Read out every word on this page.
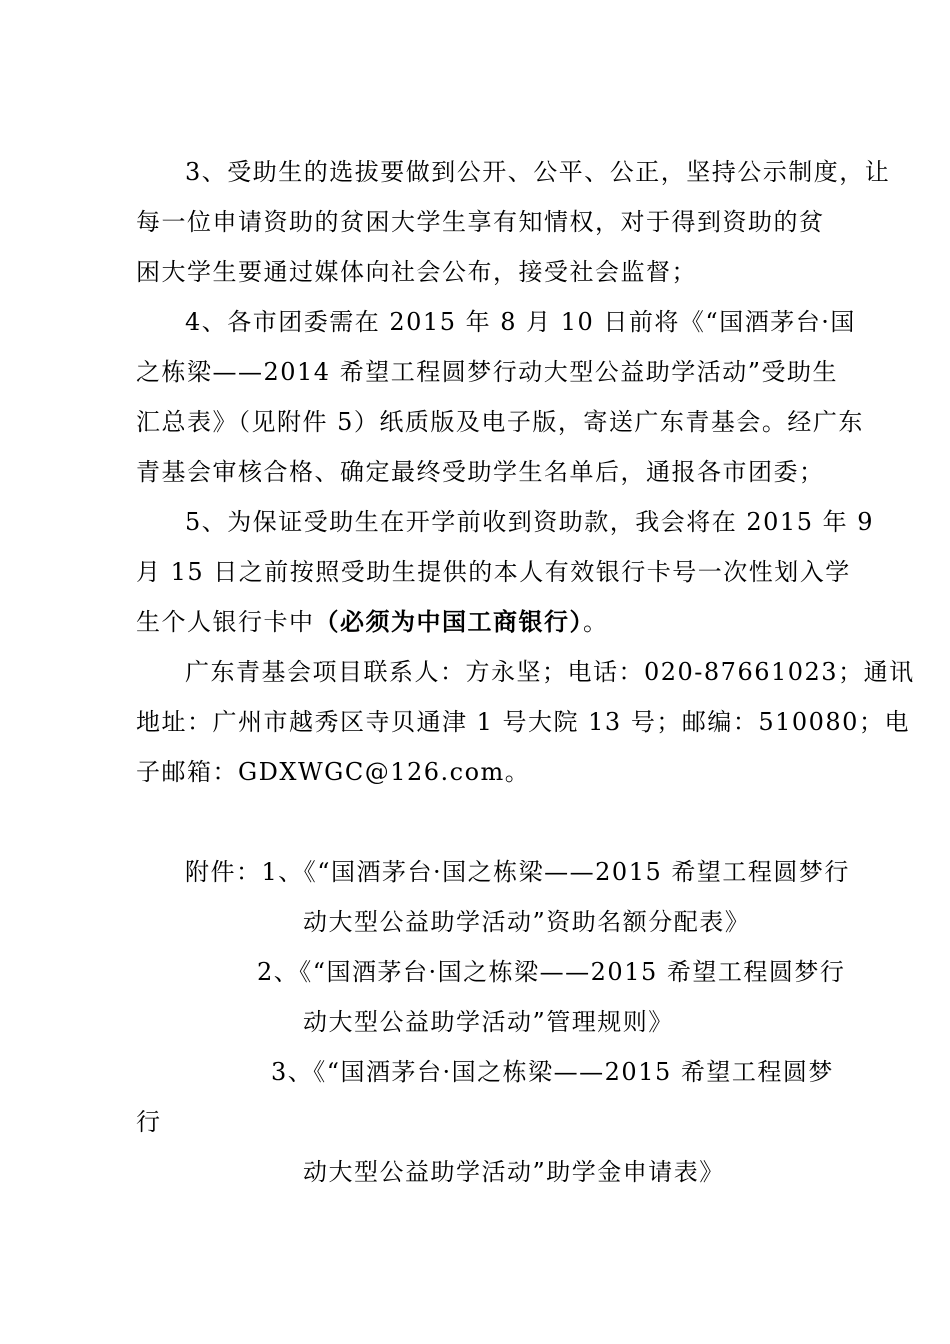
3、受助生的选拔要做到公开、公平、公正，坚持公示制度，让
每一位申请资助的贫困大学生享有知情权，对于得到资助的贫
困大学生要通过媒体向社会公布，接受社会监督；
4、各市团委需在 2015 年 8 月 10 日前将《“国酒茅台·国
之栋梁——2014 希望工程圆梦行动大型公益助学活动”受助生
汇总表》（见附件 5）纸质版及电子版，寄送广东青基会。经广东
青基会审核合格、确定最终受助学生名单后，通报各市团委；
5、为保证受助生在开学前收到资助款，我会将在 2015 年 9
月 15 日之前按照受助生提供的本人有效银行卡号一次性划入学
生个人银行卡中（必须为中国工商银行）。
广东青基会项目联系人：方永坚；电话：020-87661023；通讯
地址：广州市越秀区寺贝通津 1 号大院 13 号；邮编：510080；电
子邮箱：GDXWGC@126.com。
附件：1、《“国酒茅台·国之栋梁——2015 希望工程圆梦行
动大型公益助学活动”资助名额分配表》
2、《“国酒茅台·国之栋梁——2015 希望工程圆梦行
动大型公益助学活动”管理规则》
3、《“国酒茅台·国之栋梁——2015 希望工程圆梦
行
动大型公益助学活动”助学金申请表》
